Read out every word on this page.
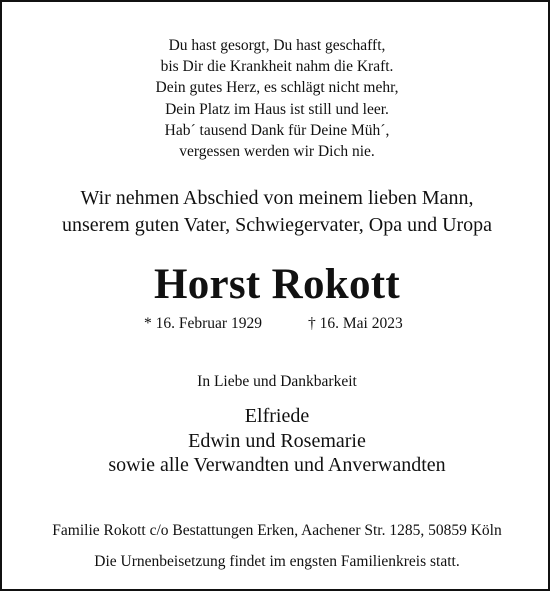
Du hast gesorgt, Du hast geschafft,
bis Dir die Krankheit nahm die Kraft.
Dein gutes Herz, es schlägt nicht mehr,
Dein Platz im Haus ist still und leer.
Hab´ tausend Dank für Deine Müh´,
vergessen werden wir Dich nie.
Wir nehmen Abschied von meinem lieben Mann,
unserem guten Vater, Schwiegervater, Opa und Uropa
Horst Rokott
* 16. Februar 1929	† 16. Mai 2023
In Liebe und Dankbarkeit
Elfriede
Edwin und Rosemarie
sowie alle Verwandten und Anverwandten
Familie Rokott c/o Bestattungen Erken, Aachener Str. 1285, 50859 Köln
Die Urnenbeisetzung findet im engsten Familienkreis statt.
